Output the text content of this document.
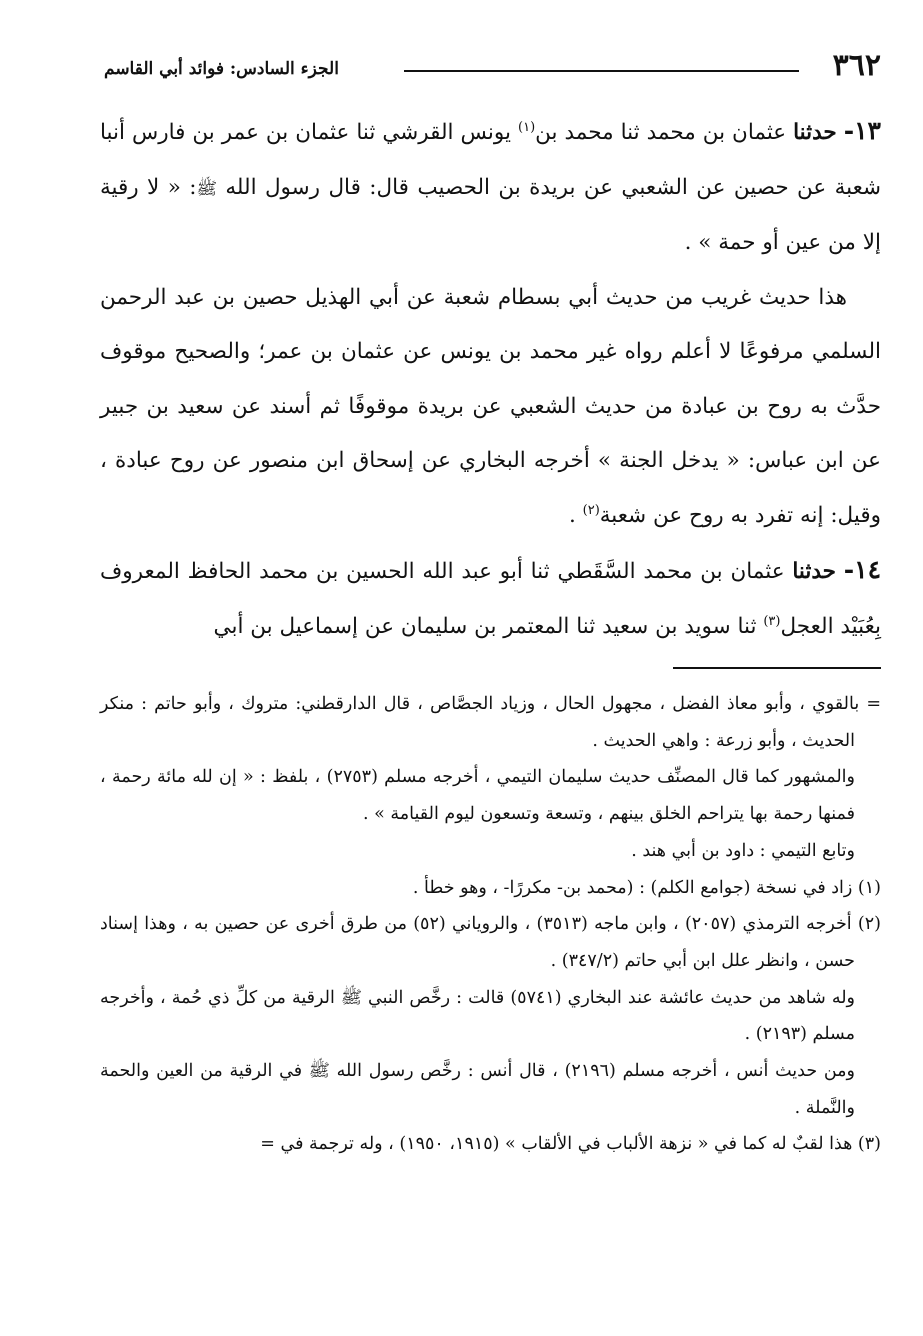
٣٦٢
الجزء السادس: فوائد أبي القاسم

١٣- حدثنا عثمان بن محمد ثنا محمد بن$^{(١)}$ يونس القرشي ثنا عثمان بن عمر بن فارس أنبا شعبة عن حصين عن الشعبي عن بريدة بن الحصيب قال: قال رسول الله ﷺ: « لا رقية إلا من عين أو حمة » .

هذا حديث غريب من حديث أبي بسطام شعبة عن أبي الهذيل حصين بن عبد الرحمن السلمي مرفوعًا لا أعلم رواه غير محمد بن يونس عن عثمان بن عمر؛ والصحيح موقوف حدَّث به روح بن عبادة من حديث الشعبي عن بريدة موقوفًا ثم أسند عن سعيد بن جبير عن ابن عباس: « يدخل الجنة » أخرجه البخاري عن إسحاق ابن منصور عن روح عبادة ، وقيل: إنه تفرد به روح عن شعبة$^{(٢)}$ .

١٤- حدثنا عثمان بن محمد السَّقَطي ثنا أبو عبد الله الحسين بن محمد الحافظ المعروف بِعُبَيْد العجل$^{(٣)}$ ثنا سويد بن سعيد ثنا المعتمر بن سليمان عن إسماعيل بن أبي

= بالقوي ، وأبو معاذ الفضل ، مجهول الحال ، وزياد الجصَّاص ، قال الدارقطني: متروك ، وأبو حاتم : منكر الحديث ، وأبو زرعة : واهي الحديث .

والمشهور كما قال المصنِّف حديث سليمان التيمي ، أخرجه مسلم (٢٧٥٣) ، بلفظ : « إن لله مائة رحمة ، فمنها رحمة بها يتراحم الخلق بينهم ، وتسعة وتسعون ليوم القيامة » .

وتابع التيمي : داود بن أبي هند .

(١) زاد في نسخة (جوامع الكلم) : (محمد بن- مكررًا- ، وهو خطأ .

(٢) أخرجه الترمذي (٢٠٥٧) ، وابن ماجه (٣٥١٣) ، والروياني (٥٢) من طرق أخرى عن حصين به ، وهذا إسناد حسن ، وانظر علل ابن أبي حاتم (٣٤٧/٢) .

وله شاهد من حديث عائشة عند البخاري (٥٧٤١) قالت : رخَّص النبي ﷺ الرقية من كلِّ ذي حُمة ، وأخرجه مسلم (٢١٩٣) .

ومن حديث أنس ، أخرجه مسلم (٢١٩٦) ، قال أنس : رخَّص رسول الله ﷺ في الرقية من العين والحمة والنَّملة .

(٣) هذا لقبٌ له كما في « نزهة الألباب في الألقاب » (١٩١٥، ١٩٥٠) ، وله ترجمة في =
